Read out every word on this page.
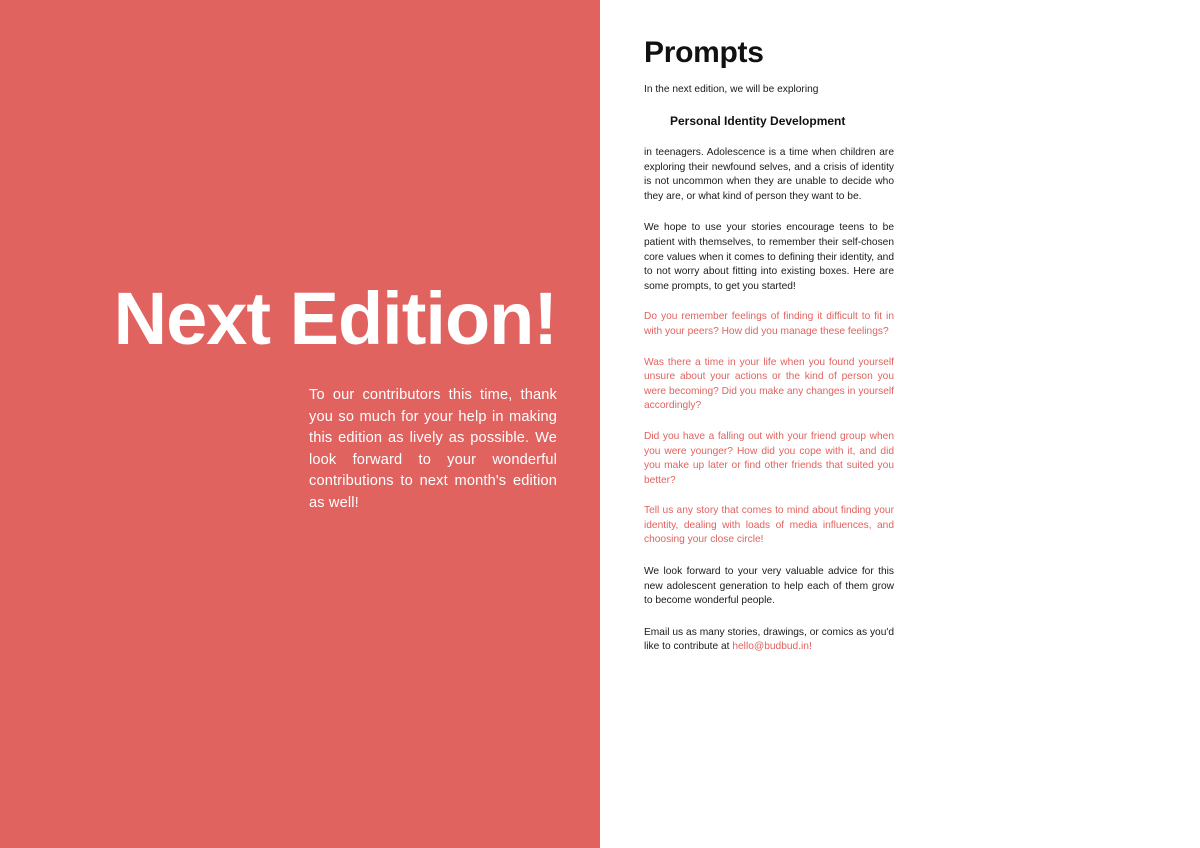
Next Edition!

To our contributors this time, thank you so much for your help in making this edition as lively as possible. We look forward to your wonderful contributions to next month's edition as well!

Prompts

In the next edition, we will be exploring

Personal Identity Development

in teenagers. Adolescence is a time when children are exploring their newfound selves, and a crisis of identity is not uncommon when they are unable to decide who they are, or what kind of person they want to be.

We hope to use your stories encourage teens to be patient with themselves, to remember their self-chosen core values when it comes to defining their identity, and to not worry about fitting into existing boxes. Here are some prompts, to get you started!

Do you remember feelings of finding it difficult to fit in with your peers? How did you manage these feelings?

Was there a time in your life when you found yourself unsure about your actions or the kind of person you were becoming? Did you make any changes in yourself accordingly?

Did you have a falling out with your friend group when you were younger? How did you cope with it, and did you make up later or find other friends that suited you better?

Tell us any story that comes to mind about finding your identity, dealing with loads of media influences, and choosing your close circle!

We look forward to your very valuable advice for this new adolescent generation to help each of them grow to become wonderful people.

Email us as many stories, drawings, or comics as you'd like to contribute at hello@budbud.in!
